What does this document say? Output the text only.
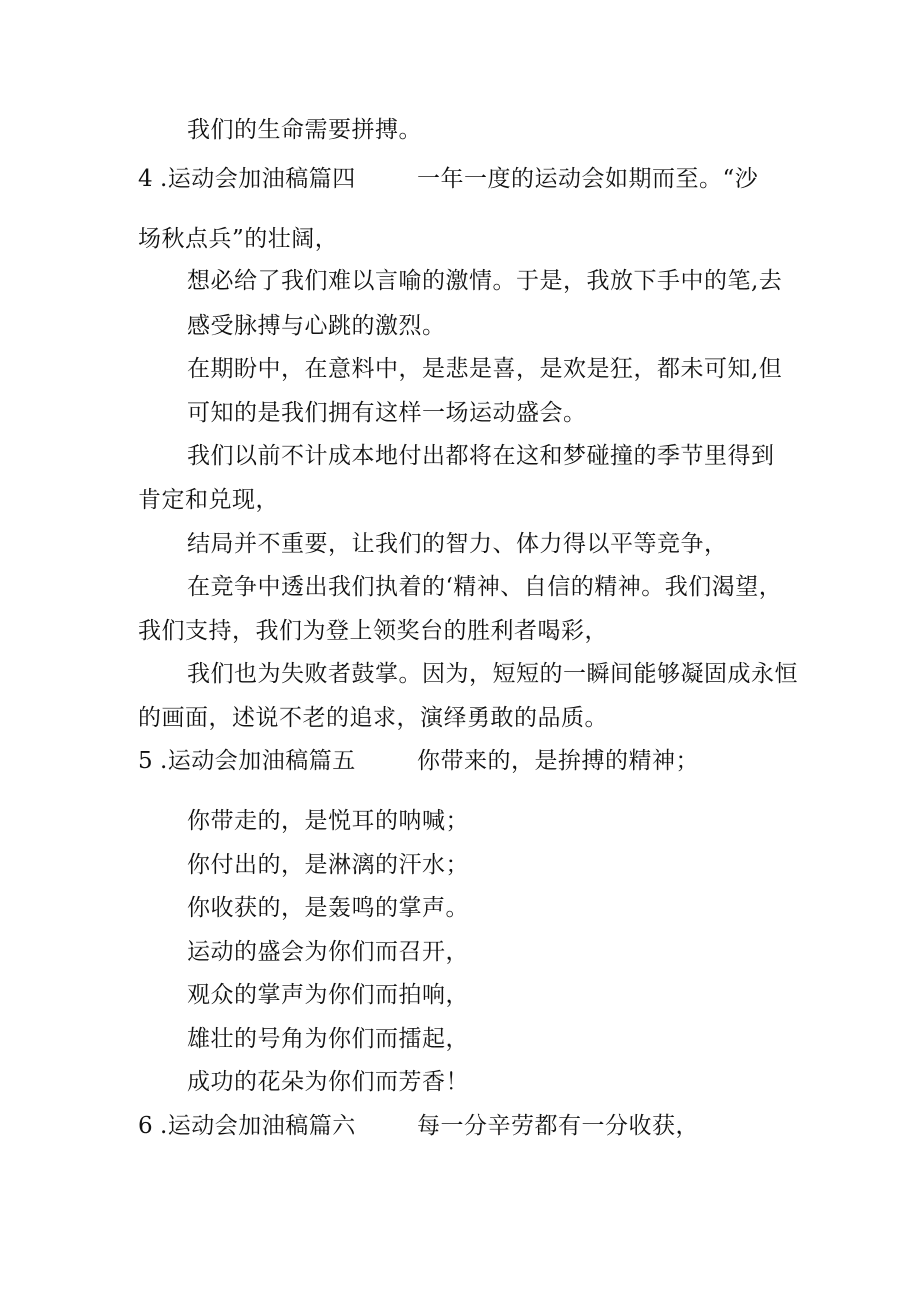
我们的生命需要拼搏。
4 .运动会加油稿篇四	一年一度的运动会如期而至。“沙
场秋点兵”的壮阔，
想必给了我们难以言喻的激情。于是，我放下手中的笔,去
感受脉搏与心跳的激烈。
在期盼中，在意料中，是悲是喜，是欢是狂，都未可知,但
可知的是我们拥有这样一场运动盛会。
我们以前不计成本地付出都将在这和梦碰撞的季节里得到
肯定和兑现，
结局并不重要，让我们的智力、体力得以平等竞争，
在竞争中透出我们执着的‘精神、自信的精神。我们渴望，
我们支持，我们为登上领奖台的胜利者喝彩，
我们也为失败者鼓掌。因为，短短的一瞬间能够凝固成永恒
的画面，述说不老的追求，演绎勇敢的品质。
5 .运动会加油稿篇五	你带来的，是拚搏的精神；
你带走的，是悦耳的呐喊；
你付出的，是淋漓的汗水；
你收获的，是轰鸣的掌声。
运动的盛会为你们而召开，
观众的掌声为你们而拍响，
雄壮的号角为你们而擂起，
成功的花朵为你们而芳香！
6 .运动会加油稿篇六	每一分辛劳都有一分收获，
